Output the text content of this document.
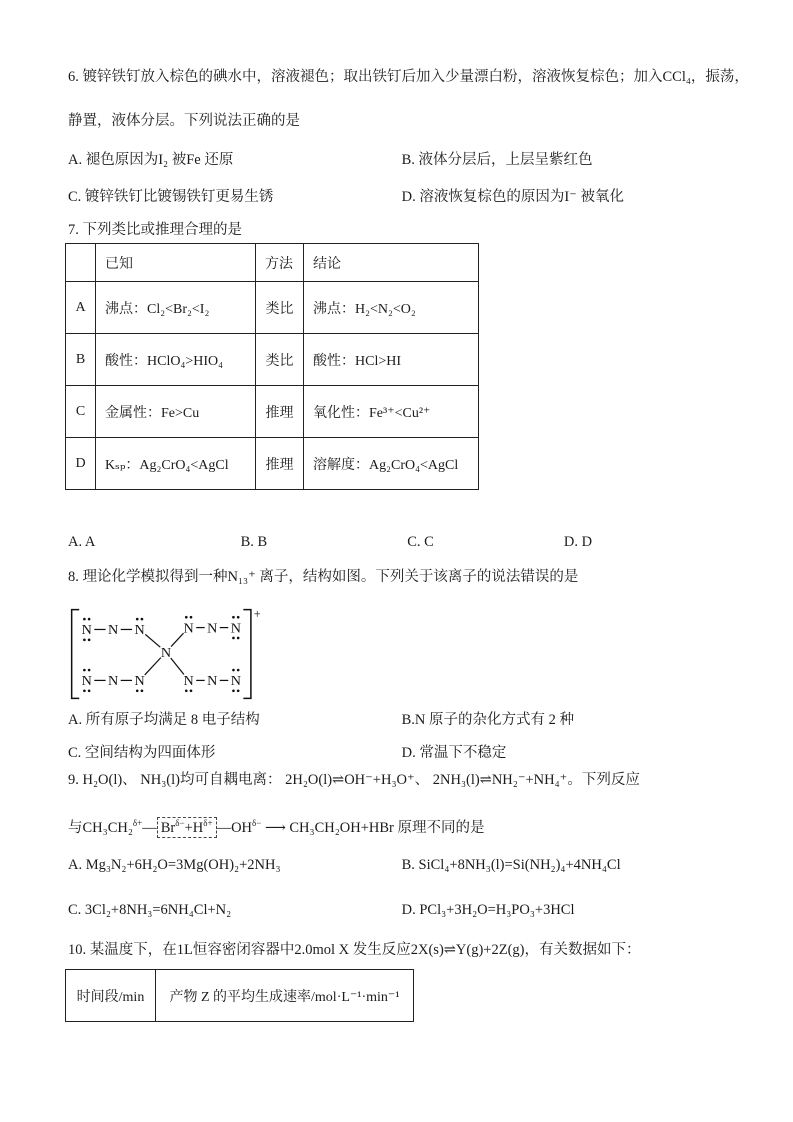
6. 镀锌铁钉放入棕色的碘水中，溶液褪色；取出铁钉后加入少量漂白粉，溶液恢复棕色；加入CCl₄，振荡，
静置，液体分层。下列说法正确的是
A. 褪色原因为I₂ 被Fe 还原	B. 液体分层后，上层呈紫红色
C. 镀锌铁钉比镀锡铁钉更易生锈	D. 溶液恢复棕色的原因为I⁻ 被氧化
7. 下列类比或推理合理的是
	已知	方法	结论
A	沸点：Cl₂<Br₂<I₂	类比	沸点：H₂<N₂<O₂
B	酸性：HClO₄>HIO₄	类比	酸性：HCl>HI
C	金属性：Fe>Cu	推理	氧化性：Fe³⁺<Cu²⁺
D	Kₛₚ：Ag₂CrO₄<AgCl	推理	溶解度：Ag₂CrO₄<AgCl
A. A	B. B	C. C	D. D
8. 理论化学模拟得到一种N₁₃⁺ 离子，结构如图。下列关于该离子的说法错误的是
+
N N N
N
N N N
N N N	N N N
A. 所有原子均满足 8 电子结构	B.N 原子的杂化方式有 2 种
C. 空间结构为四面体形	D. 常温下不稳定
9. H₂O(l)、 NH₃(l)均可自耦电离： 2H₂O(l)⇌OH⁻+H₃O⁺、 2NH₃(l)⇌NH₂⁻+NH₄⁺。下列反应
与CH₃CH₂$^{\delta+}$— $Br^{\delta-}+H^{\delta+}$ $—OH^{\delta-}$ ⟶ CH₃CH₂OH+HBr 原理不同的是
A. Mg₃N₂+6H₂O=3Mg(OH)₂+2NH₃	B. SiCl₄+8NH₃(l)=Si(NH₂)₄+4NH₄Cl
C. 3Cl₂+8NH₃=6NH₄Cl+N₂	D. PCl₃+3H₂O=H₃PO₃+3HCl
10. 某温度下，在1L恒容密闭容器中2.0mol X 发生反应2X(s)⇌Y(g)+2Z(g)，有关数据如下：
时间段/min	产物 Z 的平均生成速率/mol·L⁻¹·min⁻¹
